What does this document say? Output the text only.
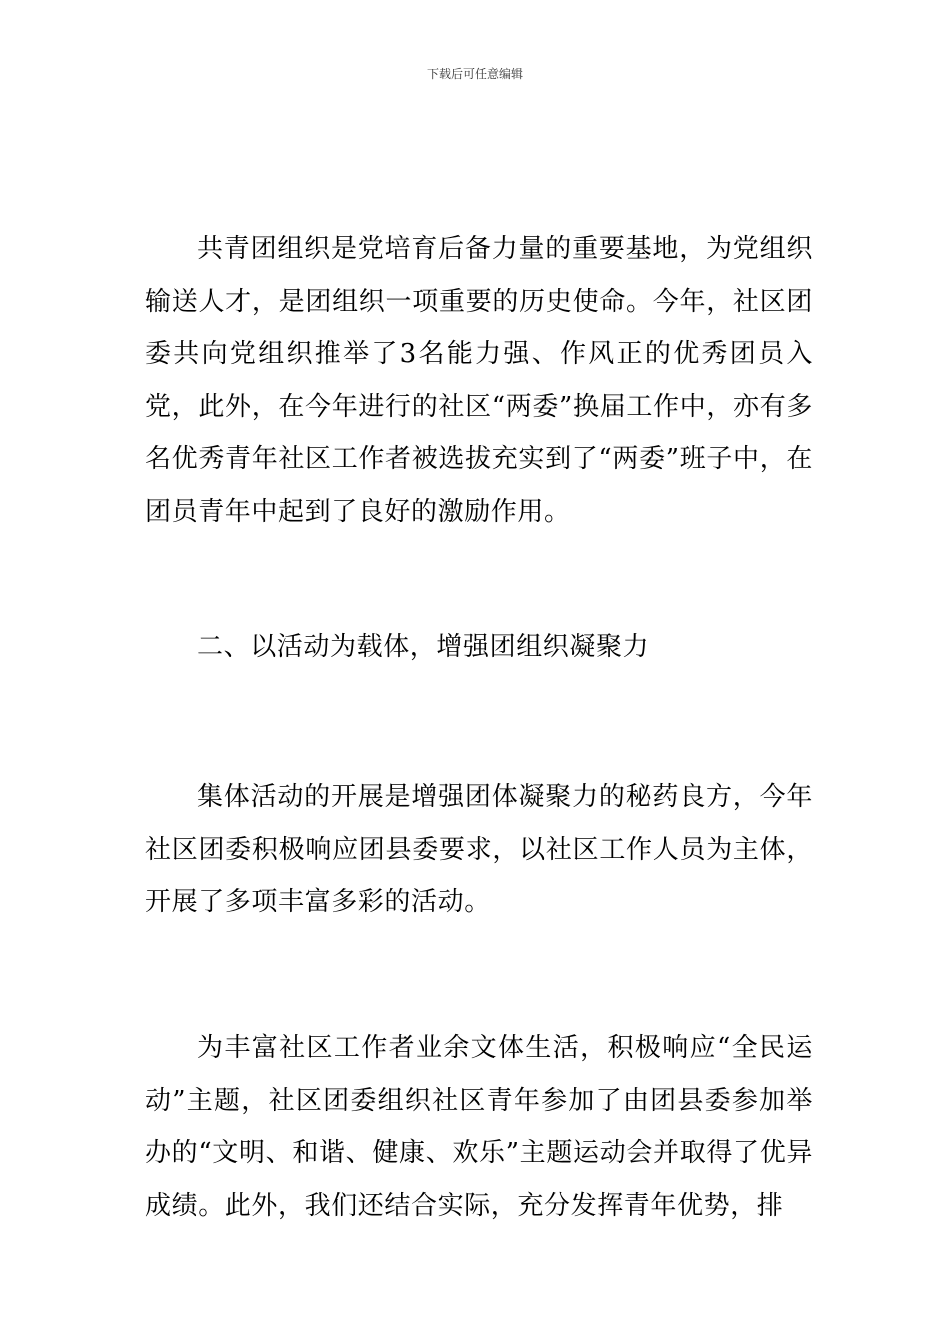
下载后可任意编辑

共青团组织是党培育后备力量的重要基地，为党组织输送人才，是团组织一项重要的历史使命。今年，社区团委共向党组织推举了3名能力强、作风正的优秀团员入党，此外，在今年进行的社区“两委”换届工作中，亦有多名优秀青年社区工作者被选拔充实到了“两委”班子中，在团员青年中起到了良好的激励作用。

二、以活动为载体，增强团组织凝聚力

集体活动的开展是增强团体凝聚力的秘药良方，今年社区团委积极响应团县委要求，以社区工作人员为主体，开展了多项丰富多彩的活动。

为丰富社区工作者业余文体生活，积极响应“全民运动”主题，社区团委组织社区青年参加了由团县委参加举办的“文明、和谐、健康、欢乐”主题运动会并取得了优异成绩。此外，我们还结合实际，充分发挥青年优势，排
